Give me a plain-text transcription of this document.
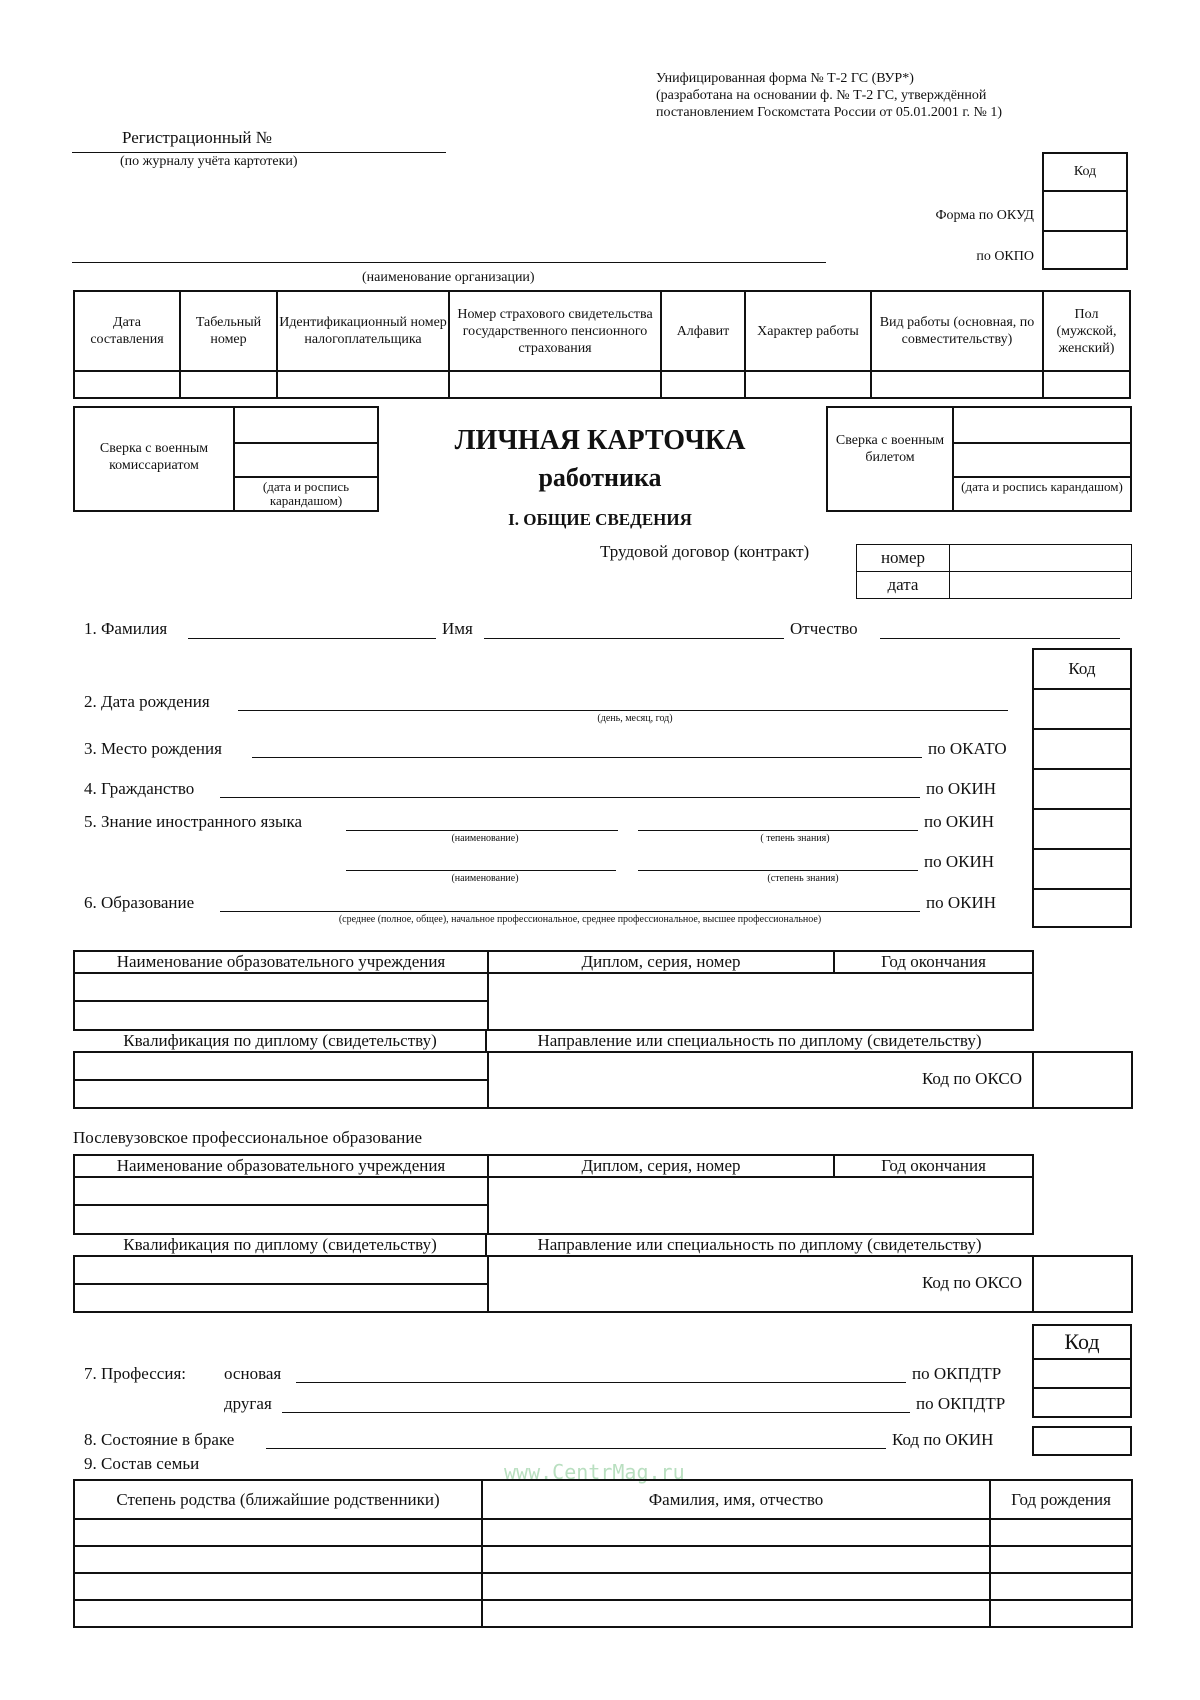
Унифицированная форма № Т-2 ГС (ВУР*)
(разработана на основании ф. № Т-2 ГС, утверждённой
постановлением Госкомстата России от 05.01.2001 г. № 1)
Регистрационный №
(по журналу учёта картотеки)
Код
Форма по ОКУД
по ОКПО
(наименование организации)
Дата составления	Табельный номер	Идентификационный номер налогоплательщика	Номер страхового свидетельства государственного пенсионного страхования	Алфавит	Характер работы	Вид работы (основная, по совместительству)	Пол (мужской, женский)

Сверка с военным комиссариатом
(дата и роспись карандашом)
ЛИЧНАЯ КАРТОЧКА
работника
I. ОБЩИЕ СВЕДЕНИЯ
Сверка с военным билетом
(дата и роспись карандашом)
Трудовой договор (контракт)	номер	
дата	
1. Фамилия	Имя	Отчество
Код
2. Дата рождения
(день, месяц, год)
3. Место рождения	по ОКАТО
4. Гражданство	по ОКИН
5. Знание иностранного языка
(наименование)	( тепень знания)
по ОКИН
(наименование)	(степень знания)
по ОКИН
6. Образование
(среднее (полное, общее), начальное профессиональное, среднее профессиональное, высшее профессиональное)
по ОКИН
Наименование образовательного учреждения	Диплом, серия, номер	Год окончания
Квалификация по диплому (свидетельству)	Направление или специальность по диплому (свидетельству)
Код по ОКСО
Послевузовское профессиональное образование
Наименование образовательного учреждения	Диплом, серия, номер	Год окончания
Квалификация по диплому (свидетельству)	Направление или специальность по диплому (свидетельству)
Код по ОКСО
Код
7. Профессия: основая	по ОКПДТР
другая	по ОКПДТР
8. Состояние в браке	Код по ОКИН
9. Состав семьи	www.CentrMag.ru
Степень родства (ближайшие родственники)	Фамилия, имя, отчество	Год рождения
